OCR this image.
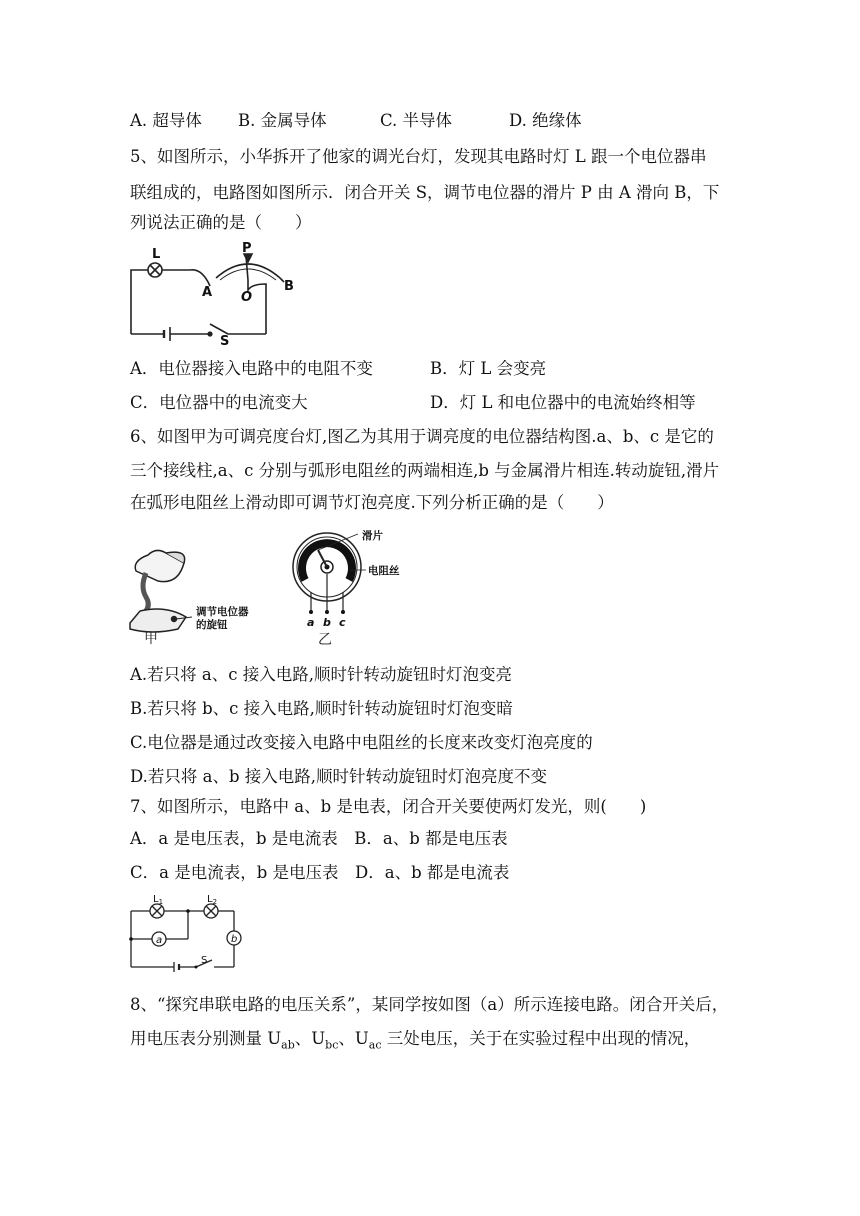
A. 超导体 B. 金属导体	C. 半导体	D. 绝缘体
5、如图所示，小华拆开了他家的调光台灯，发现其电路时灯 L 跟一个电位器串
联组成的，电路图如图所示．闭合开关 S，调节电位器的滑片 P 由 A 滑向 B，下
列说法正确的是（　　）
L	P
A O
B
S
A．电位器接入电路中的电阻不变	B．灯 L 会变亮
C．电位器中的电流变大	D．灯 L 和电位器中的电流始终相等
6、如图甲为可调亮度台灯,图乙为其用于调亮度的电位器结构图.a、b、c 是它的
三个接线柱,a、c 分别与弧形电阻丝的两端相连,b 与金属滑片相连.转动旋钮,滑片
在弧形电阻丝上滑动即可调节灯泡亮度.下列分析正确的是（　　）
调节电位器
的旋钮
甲
滑片
电阻丝
a b c
乙
A.若只将 a、c 接入电路,顺时针转动旋钮时灯泡变亮
B.若只将 b、c 接入电路,顺时针转动旋钮时灯泡变暗
C.电位器是通过改变接入电路中电阻丝的长度来改变灯泡亮度的
D.若只将 a、b 接入电路,顺时针转动旋钮时灯泡亮度不变
7、如图所示，电路中 a、b 是电表，闭合开关要使两灯发光，则(　　)
A．a 是电压表，b 是电流表　B．a、b 都是电压表
C．a 是电流表，b 是电压表　D．a、b 都是电流表
$L_1$	$L_2$
S
a	b
8、“探究串联电路的电压关系”，某同学按如图（a）所示连接电路。闭合开关后，
用电压表分别测量 $U_{ab}$、$U_{bc}$、$U_{ac}$ 三处电压，关于在实验过程中出现的情况，
